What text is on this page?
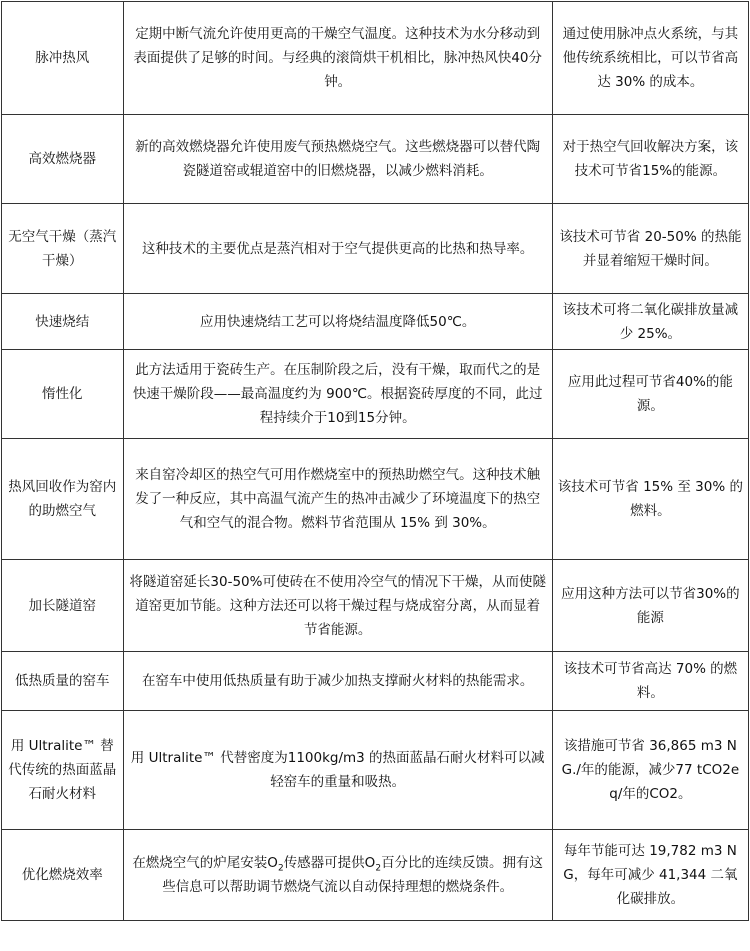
脉冲热风	定期中断气流允许使用更高的干燥空气温度。这种技术为水分移动到表面提供了足够的时间。与经典的滚筒烘干机相比，脉冲热风快40分钟。	通过使用脉冲点火系统，与其他传统系统相比，可以节省高达 30% 的成本。
高效燃烧器	新的高效燃烧器允许使用废气预热燃烧空气。这些燃烧器可以替代陶瓷隧道窑或辊道窑中的旧燃烧器，以减少燃料消耗。	对于热空气回收解决方案，该技术可节省15%的能源。
无空气干燥（蒸汽干燥）	这种技术的主要优点是蒸汽相对于空气提供更高的比热和热导率。	该技术可节省 20-50% 的热能并显着缩短干燥时间。
快速烧结	应用快速烧结工艺可以将烧结温度降低50℃。	该技术可将二氧化碳排放量减少 25%。
惰性化	此方法适用于瓷砖生产。在压制阶段之后，没有干燥，取而代之的是快速干燥阶段——最高温度约为 900℃。根据瓷砖厚度的不同，此过程持续介于10到15分钟。	应用此过程可节省40%的能源。
热风回收作为窑内的助燃空气	来自窑冷却区的热空气可用作燃烧室中的预热助燃空气。这种技术触发了一种反应，其中高温气流产生的热冲击减少了环境温度下的热空气和空气的混合物。燃料节省范围从 15% 到 30%。	该技术可节省 15% 至 30% 的燃料。
加长隧道窑	将隧道窑延长30-50%可使砖在不使用冷空气的情况下干燥，从而使隧道窑更加节能。这种方法还可以将干燥过程与烧成窑分离，从而显着节省能源。	应用这种方法可以节省30%的能源
低热质量的窑车	在窑车中使用低热质量有助于减少加热支撑耐火材料的热能需求。	该技术可节省高达 70% 的燃料。
用 Ultralite™ 替代传统的热面蓝晶石耐火材料	用 Ultralite™ 代替密度为1100kg/m3 的热面蓝晶石耐火材料可以减轻窑车的重量和吸热。	该措施可节省 36,865 m3 N G./年的能源，减少77 tCO2eq/年的CO2。
优化燃烧效率	在燃烧空气的炉尾安装$O_2$传感器可提供$O_2$百分比的连续反馈。拥有这些信息可以帮助调节燃烧气流以自动保持理想的燃烧条件。	每年节能可达 19,782 m3 NG，每年可减少 41,344 二氧化碳排放。
